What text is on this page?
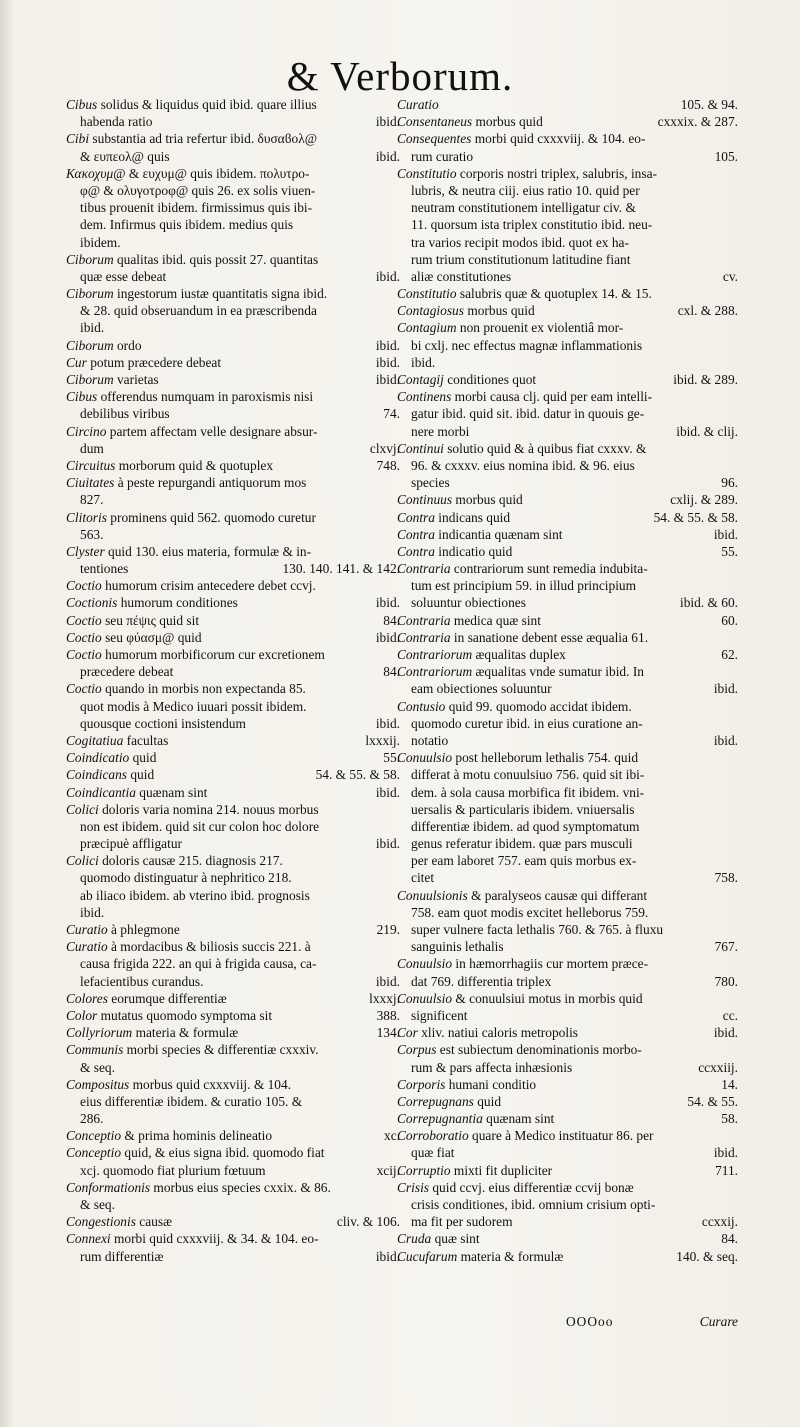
& Verborum.
Cibus solidus & liquidus quid ibid. quare illius
habenda ratio	ibid.
Cibi substantia ad tria refertur ibid. δυσαϐολ@
& ευπεολ@ quis	ibid.
Κακοχυμ@ & ευχυμ@ quis ibidem. πολυτρο-
φ@ & ολυγοτροφ@ quis 26. ex solis viuen-
tibus prouenit ibidem. firmissimus quis ibi-
dem. Infirmus quis ibidem. medius quis
ibidem.
Ciborum qualitas ibid. quis possit 27. quantitas
quæ esse debeat	ibid.
Ciborum ingestorum iustæ quantitatis signa ibid.
& 28. quid obseruandum in ea præscribenda
ibid.
Ciborum ordo	ibid.
Cur potum præcedere debeat	ibid.
Ciborum varietas	ibid.
Cibus offerendus numquam in paroxismis nisi
debilibus viribus	74.
Circino partem affectam velle designare absur-
dum	clxvj.
Circuitus morborum quid & quotuplex	748.
Ciuitates à peste repurgandi antiquorum mos
827.
Clitoris prominens quid 562. quomodo curetur
563.
Clyster quid 130. eius materia, formulæ & in-
tentiones	130. 140. 141. & 142.
Coctio humorum crisim antecedere debet ccvj.
Coctionis humorum conditiones	ibid.
Coctio seu πέψις quid sit	84.
Coctio seu φύασμ@ quid	ibid.
Coctio humorum morbificorum cur excretionem
præcedere debeat	84.
Coctio quando in morbis non expectanda 85.
quot modis à Medico iuuari possit ibidem.
quousque coctioni insistendum	ibid.
Cogitatiua facultas	lxxxij.
Coindicatio quid	55.
Coindicans quid	54. & 55. & 58.
Coindicantia quænam sint	ibid.
Colici doloris varia nomina 214. nouus morbus
non est ibidem. quid sit cur colon hoc dolore
præcipuè affligatur	ibid.
Colici doloris causæ 215. diagnosis 217.
quomodo distinguatur à nephritico 218.
ab iliaco ibidem. ab vterino ibid. prognosis
ibid.
Curatio à phlegmone	219.
Curatio à mordacibus & biliosis succis 221. à
causa frigida 222. an qui à frigida causa, ca-
lefacientibus curandus.	ibid.
Colores eorumque differentiæ	lxxxj.
Color mutatus quomodo symptoma sit	388.
Collyriorum materia & formulæ	134.
Communis morbi species & differentiæ cxxxiv.
& seq.
Compositus morbus quid cxxxviij. & 104.
eius differentiæ ibidem. & curatio 105. &
286.
Conceptio & prima hominis delineatio	xc.
Conceptio quid, & eius signa ibid. quomodo fiat
xcj. quomodo fiat plurium fœtuum	xcij.
Conformationis morbus eius species cxxix. & 86.
& seq.
Congestionis causæ	cliv. & 106.
Connexi morbi quid cxxxviij. & 34. & 104. eo-
rum differentiæ	ibid.
Curatio	105. & 94.
Consentaneus morbus quid	cxxxix. & 287.
Consequentes morbi quid cxxxviij. & 104. eo-
rum curatio	105.
Constitutio corporis nostri triplex, salubris, insa-
lubris, & neutra ciij. eius ratio 10. quid per
neutram constitutionem intelligatur civ. &
11. quorsum ista triplex constitutio ibid. neu-
tra varios recipit modos ibid. quot ex ha-
rum trium constitutionum latitudine fiant
aliæ constitutiones	cv.
Constitutio salubris quæ & quotuplex 14. & 15.
Contagiosus morbus quid	cxl. & 288.
Contagium non prouenit ex violentiâ mor-
bi cxlj. nec effectus magnæ inflammationis
ibid.
Contagij conditiones quot	ibid. & 289.
Continens morbi causa clj. quid per eam intelli-
gatur ibid. quid sit. ibid. datur in quouis ge-
nere morbi	ibid. & clij.
Continui solutio quid & à quibus fiat cxxxv. &
96. & cxxxv. eius nomina ibid. & 96. eius
species	96.
Continuus morbus quid	cxlij. & 289.
Contra indicans quid	54. & 55. & 58.
Contra indicantia quænam sint	ibid.
Contra indicatio quid	55.
Contraria contrariorum sunt remedia indubita-
tum est principium 59. in illud principium
soluuntur obiectiones	ibid. & 60.
Contraria medica quæ sint	60.
Contraria in sanatione debent esse æqualia 61.
Contrariorum æqualitas duplex	62.
Contrariorum æqualitas vnde sumatur ibid. In
eam obiectiones soluuntur	ibid.
Contusio quid 99. quomodo accidat ibidem.
quomodo curetur ibid. in eius curatione an-
notatio	ibid.
Conuulsio post helleborum lethalis 754. quid
differat à motu conuulsiuo 756. quid sit ibi-
dem. à sola causa morbifica fit ibidem. vni-
uersalis & particularis ibidem. vniuersalis
differentiæ ibidem. ad quod symptomatum
genus referatur ibidem. quæ pars musculi
per eam laboret 757. eam quis morbus ex-
citet	758.
Conuulsionis & paralyseos causæ qui differant
758. eam quot modis excitet helleborus 759.
super vulnere facta lethalis 760. & 765. à fluxu
sanguinis lethalis	767.
Conuulsio in hæmorrhagiis cur mortem præce-
dat 769. differentia triplex	780.
Conuulsio & conuulsiui motus in morbis quid
significent	cc.
Cor xliv. natiui caloris metropolis	ibid.
Corpus est subiectum denominationis morbo-
rum & pars affecta inhæsionis	ccxxiij.
Corporis humani conditio	14.
Correpugnans quid	54. & 55.
Correpugnantia quænam sint	58.
Corroboratio quare à Medico instituatur 86. per
quæ fiat	ibid.
Corruptio mixti fit dupliciter	711.
Crisis quid ccvj. eius differentiæ ccvij bonæ
crisis conditiones, ibid. omnium crisium opti-
ma fit per sudorem	ccxxij.
Cruda quæ sint	84.
Cucufarum materia & formulæ	140. & seq.
OOOoo	Curare
